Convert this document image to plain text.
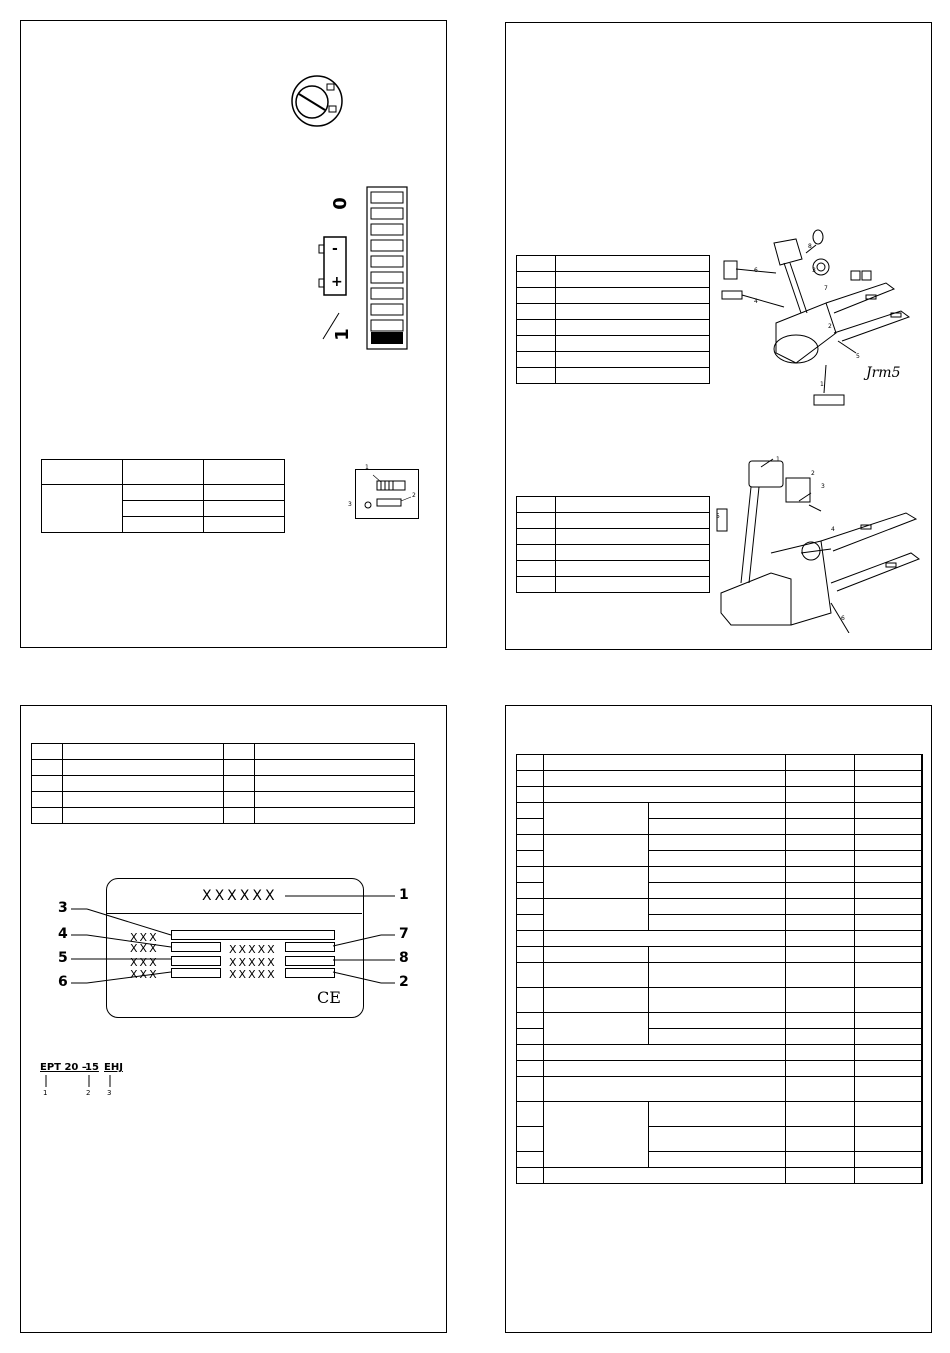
0
1
-
+

1
2
3

1
2
3
4
5
6
7
8
Jrm5

1
2
3
4
5
6

XXXXXX
XXX
XXX
XXX
XXX
XXXXX
XXXXX
XXXXX
CE
1
3
4
5
6
7
8
2
EPT 20 –
15 EHJ
1	2 3
